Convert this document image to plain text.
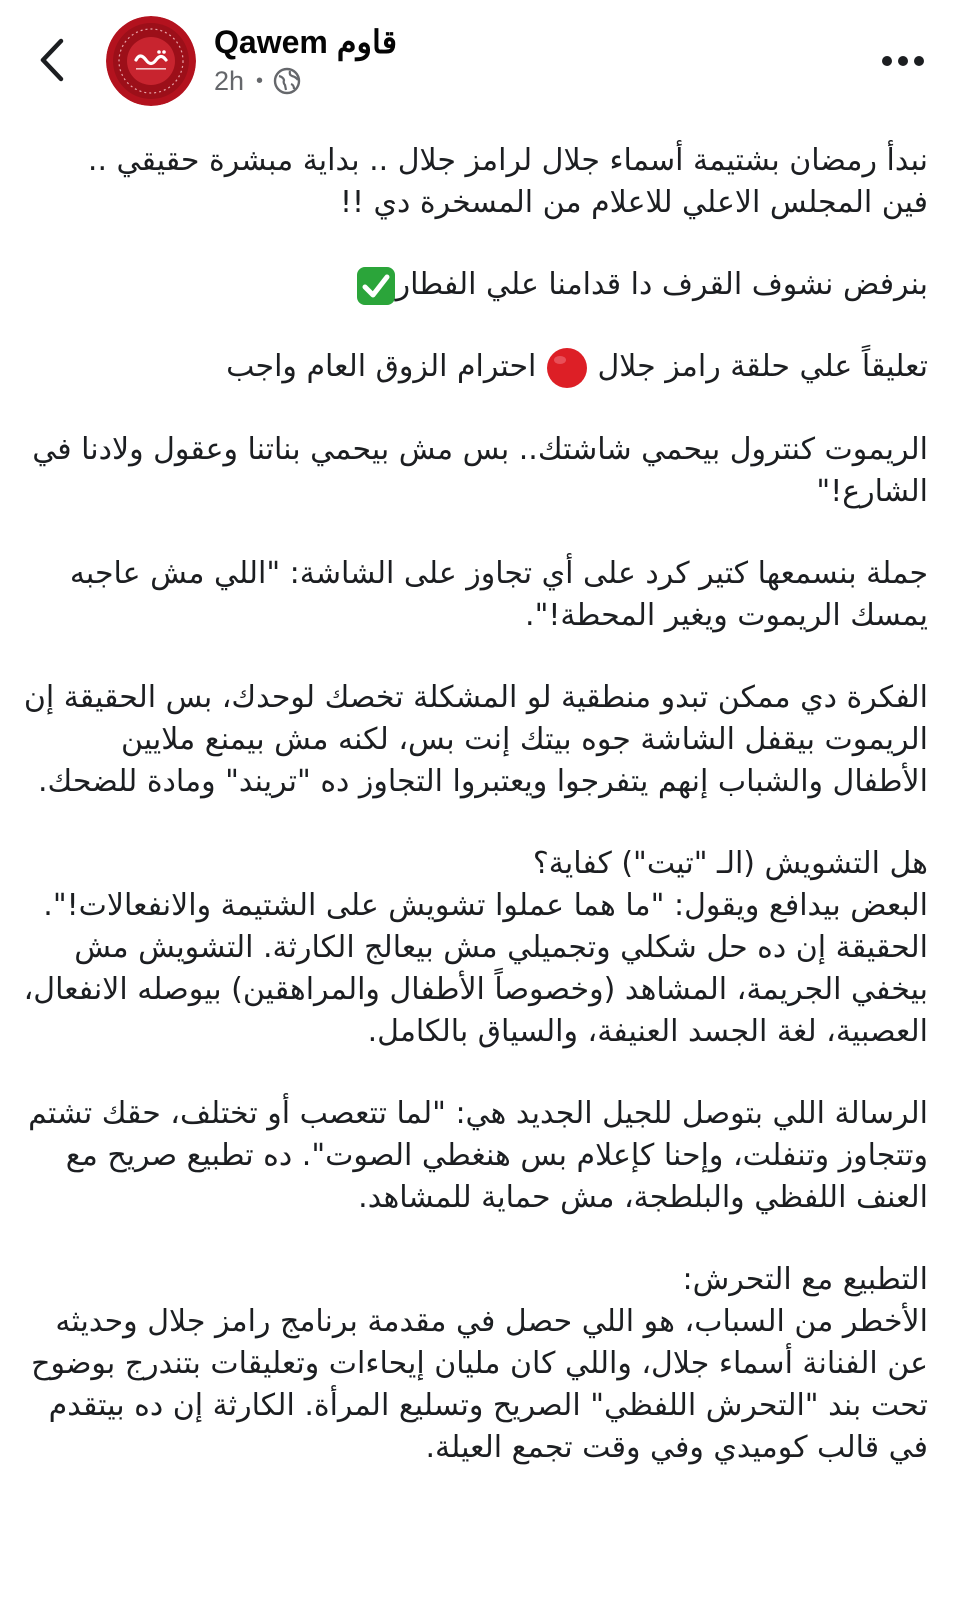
Qawem قاوم
2h •

نبدأ رمضان بشتيمة أسماء جلال لرامز جلال .. بداية مبشرة حقيقي ..
فين المجلس الاعلي للاعلام من المسخرة دي !!

بنرفض نشوف القرف دا قدامنا علي الفطار

تعليقاً علي حلقة رامز جلال
احترام الزوق العام واجب

الريموت كنترول بيحمي شاشتك.. بس مش بيحمي بناتنا وعقول ولادنا في الشارع!"

جملة بنسمعها كتير كرد على أي تجاوز على الشاشة: "اللي مش عاجبه يمسك الريموت ويغير المحطة!".

الفكرة دي ممكن تبدو منطقية لو المشكلة تخصك لوحدك، بس الحقيقة إن الريموت بيقفل الشاشة جوه بيتك إنت بس، لكنه مش بيمنع ملايين الأطفال والشباب إنهم يتفرجوا ويعتبروا التجاوز ده "تريند" ومادة للضحك.

هل التشويش (الـ "تيت") كفاية؟
البعض بيدافع ويقول: "ما هما عملوا تشويش على الشتيمة والانفعالات!". الحقيقة إن ده حل شكلي وتجميلي مش بيعالج الكارثة. التشويش مش بيخفي الجريمة، المشاهد (وخصوصاً الأطفال والمراهقين) بيوصله الانفعال، العصبية، لغة الجسد العنيفة، والسياق بالكامل.

الرسالة اللي بتوصل للجيل الجديد هي: "لما تتعصب أو تختلف، حقك تشتم وتتجاوز وتنفلت، وإحنا كإعلام بس هنغطي الصوت". ده تطبيع صريح مع العنف اللفظي والبلطجة، مش حماية للمشاهد.

التطبيع مع التحرش:
الأخطر من السباب، هو اللي حصل في مقدمة برنامج رامز جلال وحديثه عن الفنانة أسماء جلال، واللي كان مليان إيحاءات وتعليقات بتندرج بوضوح تحت بند "التحرش اللفظي" الصريح وتسليع المرأة. الكارثة إن ده بيتقدم في قالب كوميدي وفي وقت تجمع العيلة.
